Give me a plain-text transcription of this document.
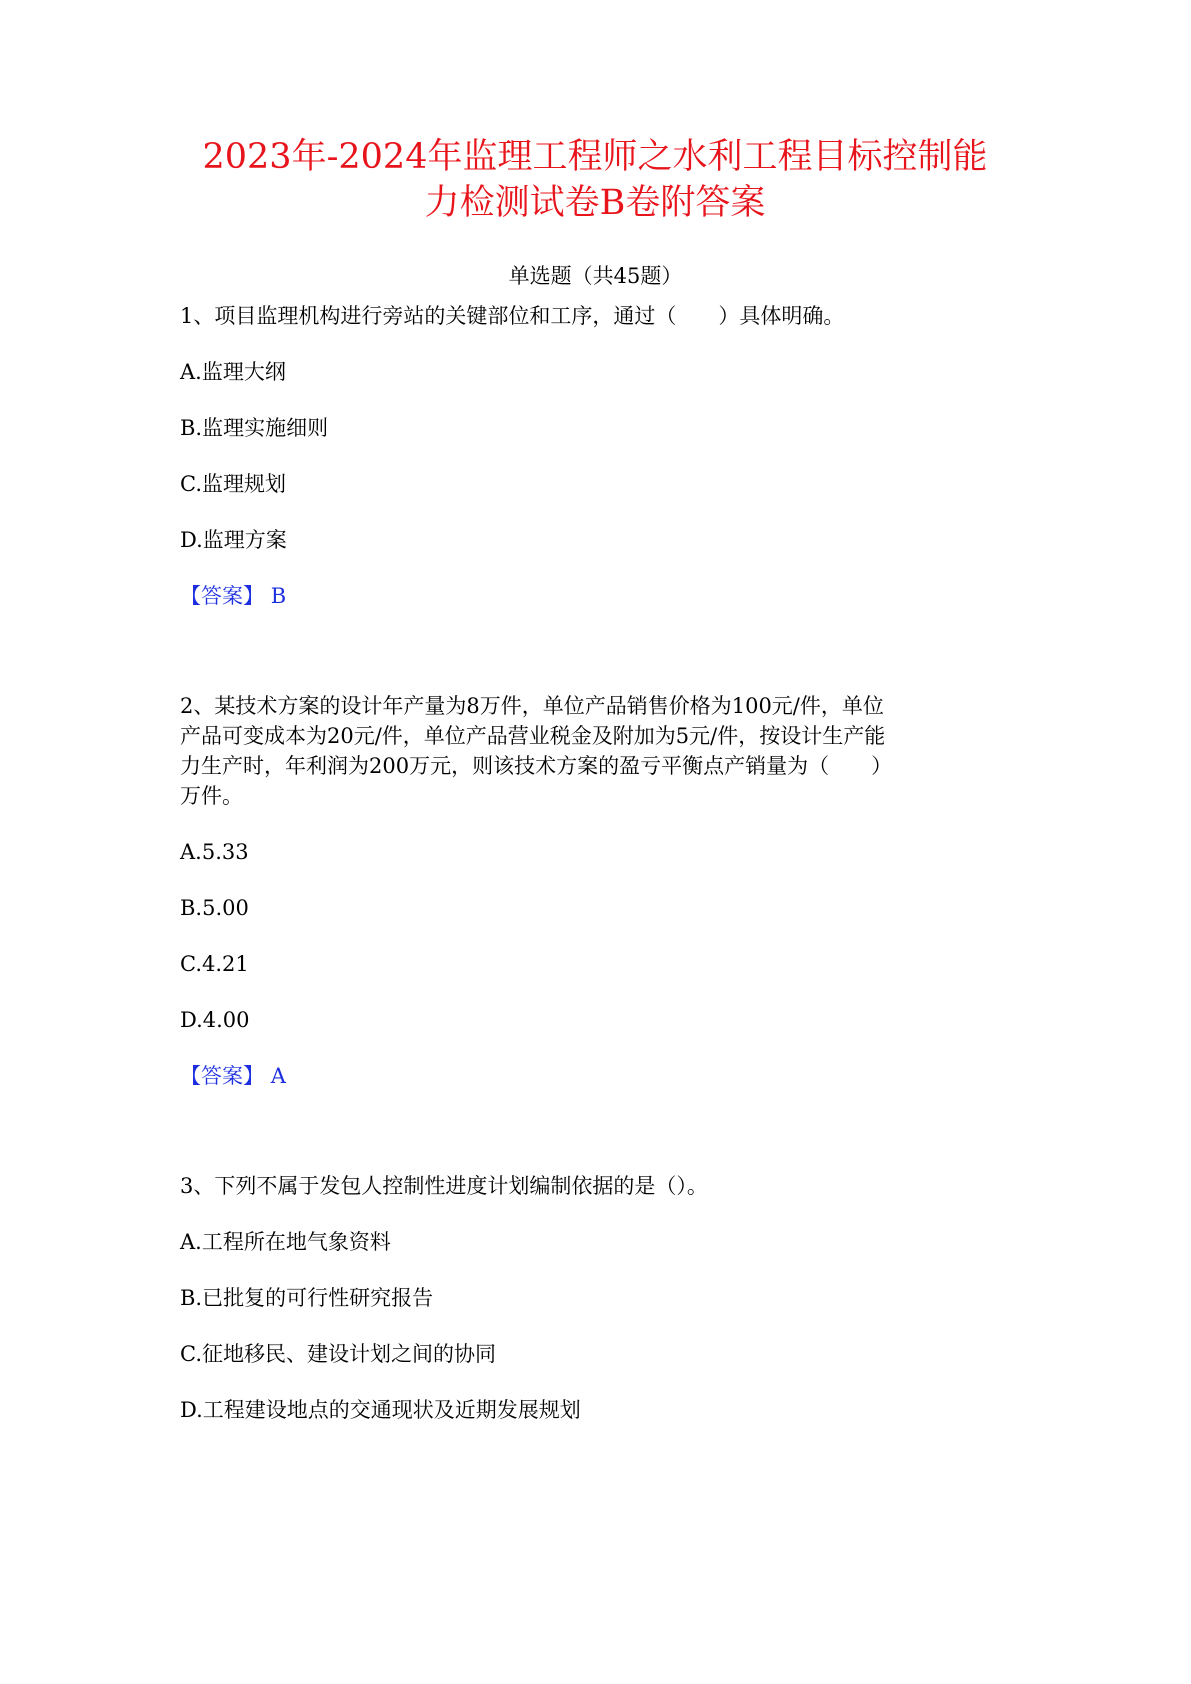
2023年-2024年监理工程师之水利工程目标控制能
力检测试卷B卷附答案
单选题（共45题）
1、项目监理机构进行旁站的关键部位和工序，通过（　　）具体明确。
A.监理大纲
B.监理实施细则
C.监理规划
D.监理方案
【答案】 B
2、某技术方案的设计年产量为8万件，单位产品销售价格为100元/件，单位
产品可变成本为20元/件，单位产品营业税金及附加为5元/件，按设计生产能
力生产时，年利润为200万元，则该技术方案的盈亏平衡点产销量为（　　）
万件。
A.5.33
B.5.00
C.4.21
D.4.00
【答案】 A
3、下列不属于发包人控制性进度计划编制依据的是（）。
A.工程所在地气象资料
B.已批复的可行性研究报告
C.征地移民、建设计划之间的协同
D.工程建设地点的交通现状及近期发展规划
